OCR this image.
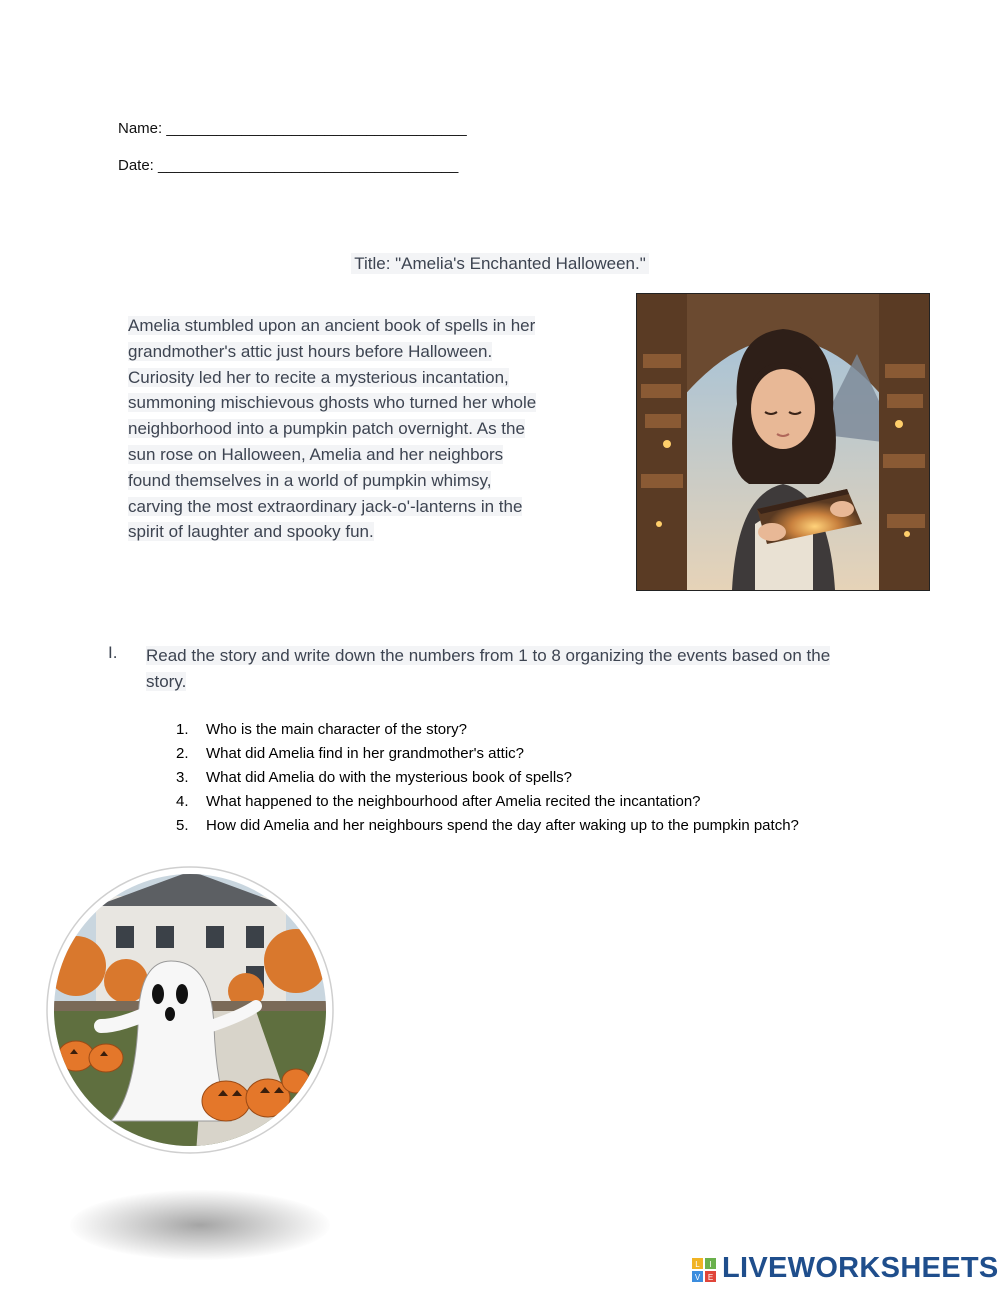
Name: ____________________________________
Date: ____________________________________
Title: "Amelia's Enchanted Halloween."
Amelia stumbled upon an ancient book of spells in her
grandmother's attic just hours before Halloween.
Curiosity led her to recite a mysterious incantation,
summoning mischievous ghosts who turned her whole
neighborhood into a pumpkin patch overnight. As the
sun rose on Halloween, Amelia and her neighbors
found themselves in a world of pumpkin whimsy,
carving the most extraordinary jack-o'-lanterns in the
spirit of laughter and spooky fun.
I. Read the story and write down the numbers from 1 to 8 organizing the events based on the
story.
1. Who is the main character of the story?
2. What did Amelia find in her grandmother's attic?
3. What did Amelia do with the mysterious book of spells?
4. What happened to the neighbourhood after Amelia recited the incantation?
5. How did Amelia and her neighbours spend the day after waking up to the pumpkin patch?
L I
V E LIVEWORKSHEETS
